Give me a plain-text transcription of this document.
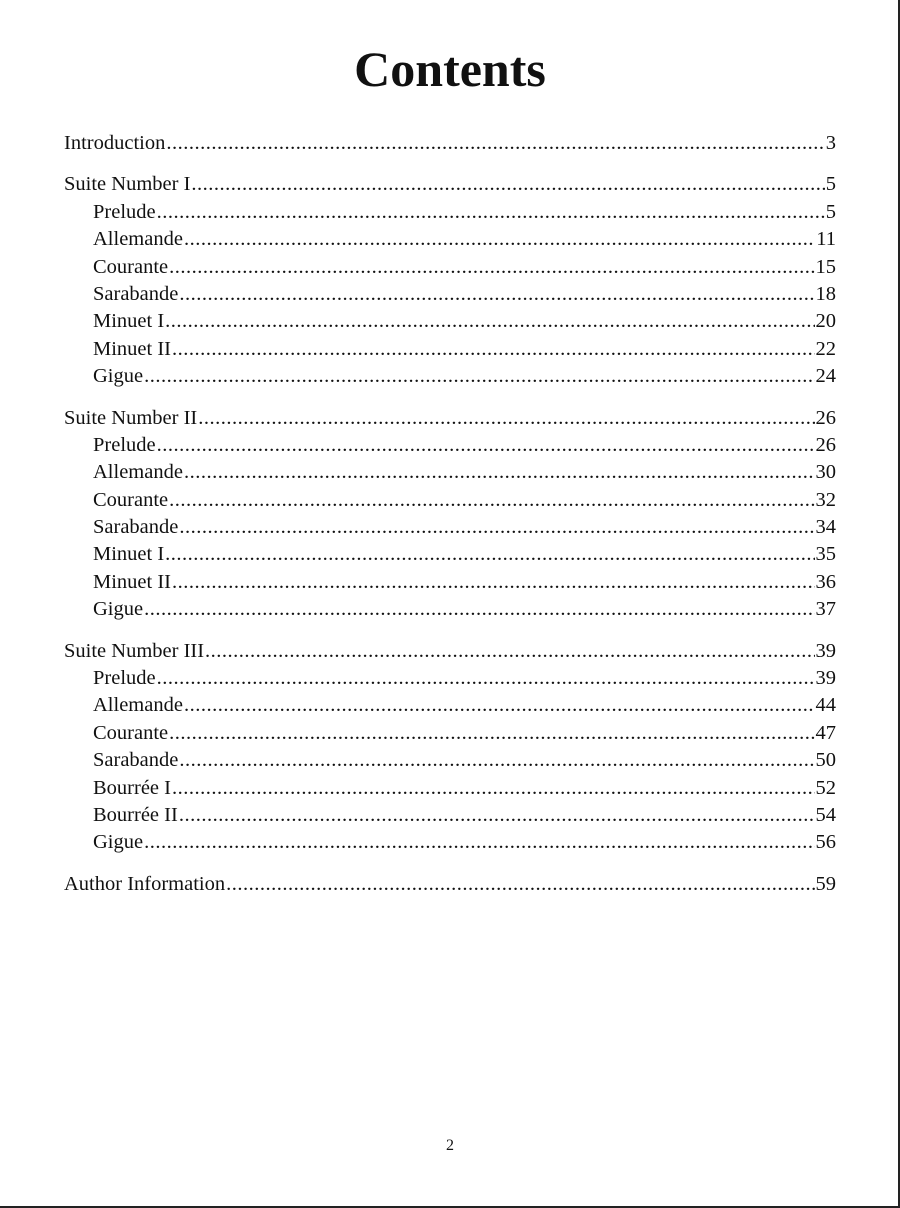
Contents
Introduction .....	3
Suite Number I .....	5
Prelude .....	5
Allemande .....	11
Courante .....	15
Sarabande .....	18
Minuet I .....	20
Minuet II .....	22
Gigue .....	24
Suite Number II .....	26
Prelude .....	26
Allemande .....	30
Courante .....	32
Sarabande .....	34
Minuet I .....	35
Minuet II .....	36
Gigue .....	37
Suite Number III .....	39
Prelude .....	39
Allemande .....	44
Courante .....	47
Sarabande .....	50
Bourrée I .....	52
Bourrée II .....	54
Gigue .....	56
Author Information .....	59
2
